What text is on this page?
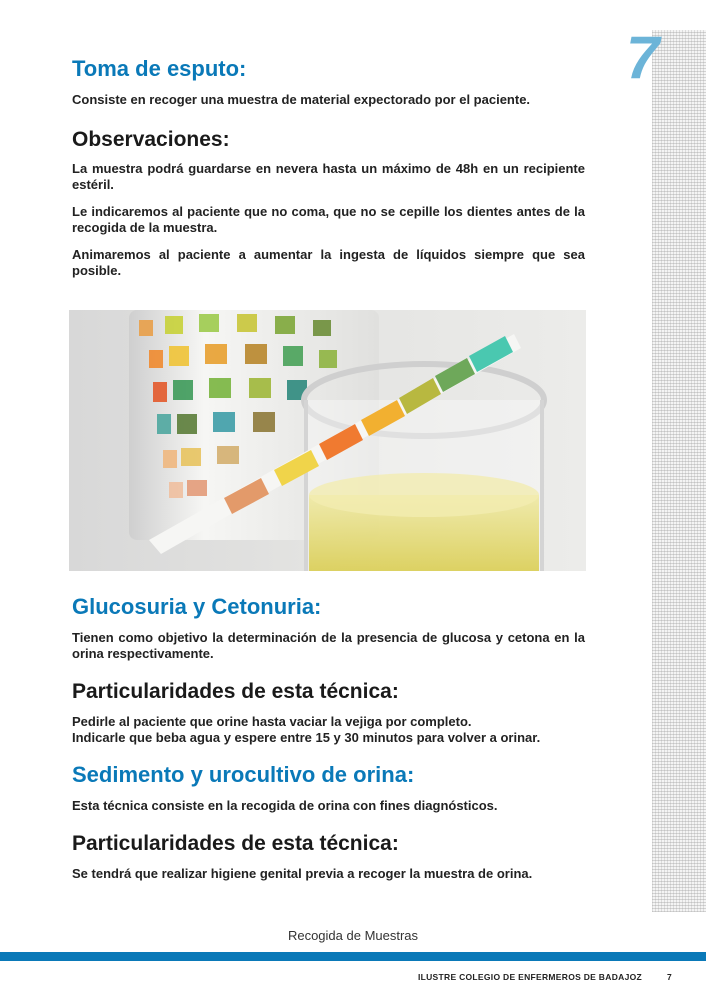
7
Toma de esputo:

Consiste en recoger una muestra de material expectorado por el paciente.

Observaciones:

La muestra podrá guardarse en nevera hasta un máximo de 48h en un recipiente estéril.

Le indicaremos al paciente que no coma, que no se cepille los dientes antes de la recogida de la muestra.

Animaremos al paciente a aumentar la ingesta de líquidos siempre que sea posible.

Glucosuria y Cetonuria:

Tienen como objetivo la determinación de la presencia de glucosa y cetona en la orina respectivamente.

Particularidades de esta técnica:

Pedirle al paciente que orine hasta vaciar la vejiga por completo.

Indicarle que beba agua y espere entre 15 y 30 minutos para volver a orinar.

Sedimento y urocultivo de orina:

Esta técnica consiste en la recogida de orina con fines diagnósticos.

Particularidades de esta técnica:

Se tendrá que realizar higiene genital previa a recoger la muestra de orina.

Recogida de Muestras
ILUSTRE COLEGIO DE ENFERMEROS DE BADAJOZ	7
